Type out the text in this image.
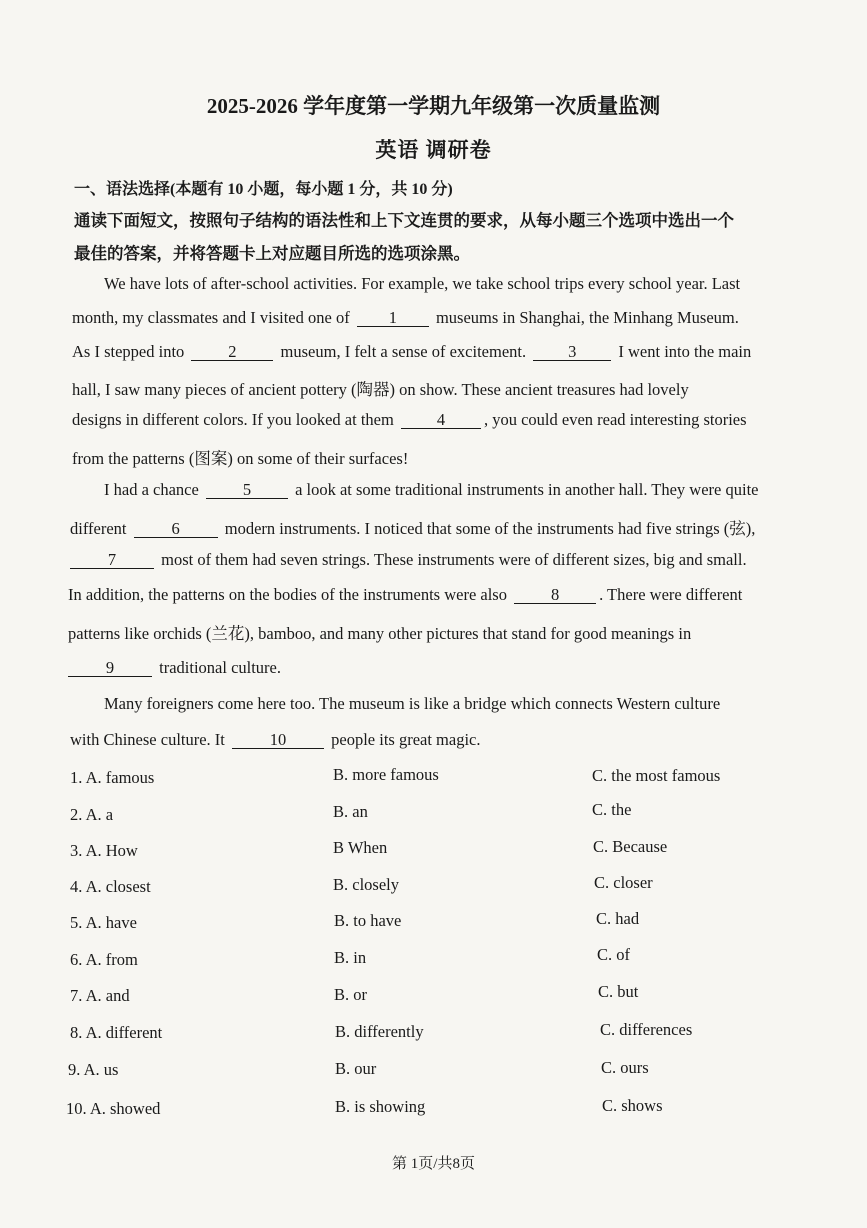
2025-2026 学年度第一学期九年级第一次质量监测
英语 调研卷
一、语法选择(本题有 10 小题，每小题 1 分，共 10 分)
通读下面短文，按照句子结构的语法性和上下文连贯的要求，从每小题三个选项中选出一个
最佳的答案，并将答题卡上对应题目所选的选项涂黑。
We have lots of after-school activities. For example, we take school trips every school year. Last
month, my classmates and I visited one of 1 museums in Shanghai, the Minhang Museum.
As I stepped into	2	museum, I felt a sense of excitement.	3	I went into the main
hall, I saw many pieces of ancient pottery (陶器) on show. These ancient treasures had lovely
designs in different colors. If you looked at them	4 , you could even read interesting stories
from the patterns (图案) on some of their surfaces!
I had a chance	5	a look at some traditional instruments in another hall. They were quite
different	6	modern instruments. I noticed that some of the instruments had five strings (弦),
7	most of them had seven strings. These instruments were of different sizes, big and small.
In addition, the patterns on the bodies of the instruments were also	8 . There were different
patterns like orchids (兰花), bamboo, and many other pictures that stand for good meanings in
9	traditional culture.
Many foreigners come here too. The museum is like a bridge which connects Western culture
with Chinese culture. It	10	people its great magic.
1. A. famous	B. more famous	C. the most famous
2. A. a	B. an	C. the
3. A. How	B When	C. Because
4. A. closest	B. closely	C. closer
5. A. have	B. to have	C. had
6. A. from	B. in	C. of
7. A. and	B. or	C. but
8. A. different	B. differently	C. differences
9. A. us	B. our	C. ours
10. A. showed	B. is showing	C. shows
第 1页/共8页
